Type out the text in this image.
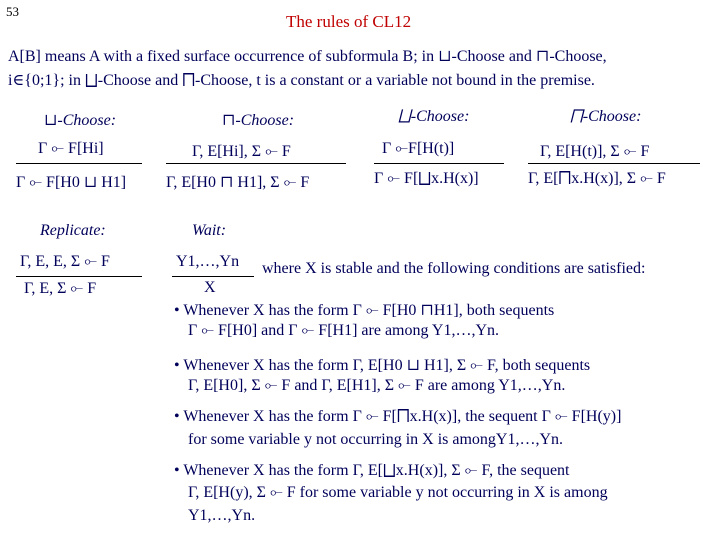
53
The rules of CL12
A[B] means A with a fixed surface occurrence of subformula B; in ⊔-Choose and ⊓-Choose,
i∈{0;1}; in ⨆-Choose and ⨅-Choose, t is a constant or a variable not bound in the premise.
⊔-Choose:
Γ ⟜ F[Hi]
Γ ⟜ F[H0 ⊔ H1]
⊓-Choose:
Γ, E[Hi], Σ ⟜ F
Γ, E[H0 ⊓ H1], Σ ⟜ F
⨆-Choose:
Γ ⟜F[H(t)]
Γ ⟜ F[⨆x.H(x)]
⨅-Choose:
Γ, E[H(t)], Σ ⟜ F
Γ, E[⨅x.H(x)], Σ ⟜ F
Replicate:
Γ, E, E, Σ ⟜ F
Γ, E, Σ ⟜ F
Wait:
Y1,…,Yn
X
where X is stable and the following conditions are satisfied:
• Whenever X has the form Γ ⟜ F[H0 ⊓H1], both sequents
Γ ⟜ F[H0] and Γ ⟜ F[H1] are among Y1,…,Yn.
• Whenever X has the form Γ, E[H0 ⊔ H1], Σ ⟜ F, both sequents
Γ, E[H0], Σ ⟜ F and Γ, E[H1], Σ ⟜ F are among Y1,…,Yn.
• Whenever X has the form Γ ⟜ F[⨅x.H(x)], the sequent Γ ⟜ F[H(y)]
for some variable y not occurring in X is amongY1,…,Yn.
• Whenever X has the form Γ, E[⨆x.H(x)], Σ ⟜ F, the sequent
Γ, E[H(y), Σ ⟜ F for some variable y not occurring in X is among
Y1,…,Yn.
